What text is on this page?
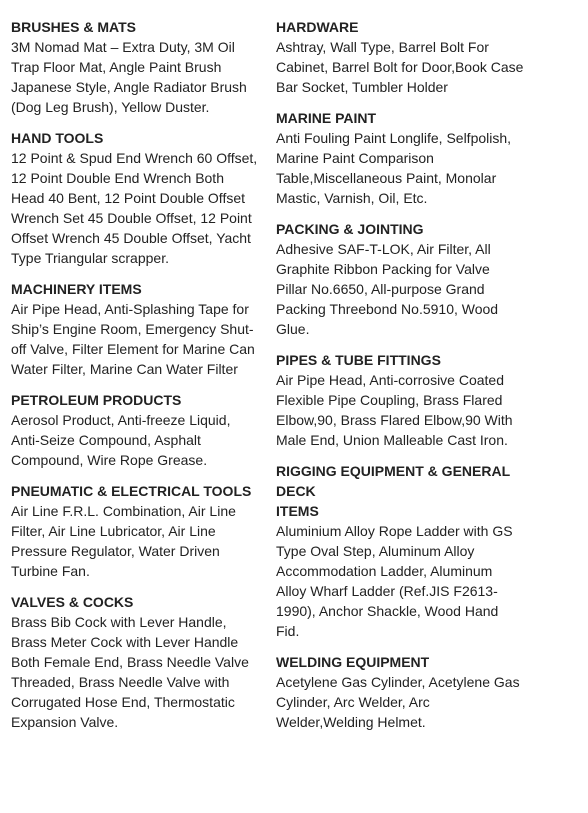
BRUSHES & MATS

3M Nomad Mat – Extra Duty, 3M Oil Trap Floor Mat, Angle Paint Brush Japanese Style, Angle Radiator Brush (Dog Leg Brush), Yellow Duster.

HAND TOOLS

12 Point & Spud End Wrench 60 Offset, 12 Point Double End Wrench Both Head 40 Bent, 12 Point Double Offset Wrench Set 45 Double Offset, 12 Point Offset Wrench 45 Double Offset, Yacht Type Triangular scrapper.

MACHINERY ITEMS

Air Pipe Head, Anti-Splashing Tape for Ship’s Engine Room, Emergency Shut-off Valve, Filter Element for Marine Can Water Filter, Marine Can Water Filter

PETROLEUM PRODUCTS

Aerosol Product, Anti-freeze Liquid, Anti-Seize Compound, Asphalt Compound, Wire Rope Grease.

PNEUMATIC & ELECTRICAL TOOLS

Air Line F.R.L. Combination, Air Line Filter, Air Line Lubricator, Air Line Pressure Regulator, Water Driven Turbine Fan.

VALVES & COCKS

Brass Bib Cock with Lever Handle, Brass Meter Cock with Lever Handle Both Female End, Brass Needle Valve Threaded, Brass Needle Valve with Corrugated Hose End, Thermostatic Expansion Valve.

HARDWARE

Ashtray, Wall Type, Barrel Bolt For Cabinet, Barrel Bolt for Door,Book Case Bar Socket, Tumbler Holder

MARINE PAINT

Anti Fouling Paint Longlife, Selfpolish, Marine Paint Comparison Table,Miscellaneous Paint, Monolar Mastic, Varnish, Oil, Etc.

PACKING & JOINTING

Adhesive SAF-T-LOK, Air Filter, All Graphite Ribbon Packing for Valve Pillar No.6650, All-purpose Grand Packing Threebond No.5910, Wood Glue.

PIPES & TUBE FITTINGS

Air Pipe Head, Anti-corrosive Coated Flexible Pipe Coupling, Brass Flared Elbow,90, Brass Flared Elbow,90 With Male End, Union Malleable Cast Iron.

RIGGING EQUIPMENT & GENERAL DECK

ITEMS

Aluminium Alloy Rope Ladder with GS Type Oval Step, Aluminum Alloy Accommodation Ladder, Aluminum Alloy Wharf Ladder (Ref.JIS F2613-1990), Anchor Shackle, Wood Hand Fid.

WELDING EQUIPMENT

Acetylene Gas Cylinder, Acetylene Gas Cylinder, Arc Welder, Arc Welder,Welding Helmet.
